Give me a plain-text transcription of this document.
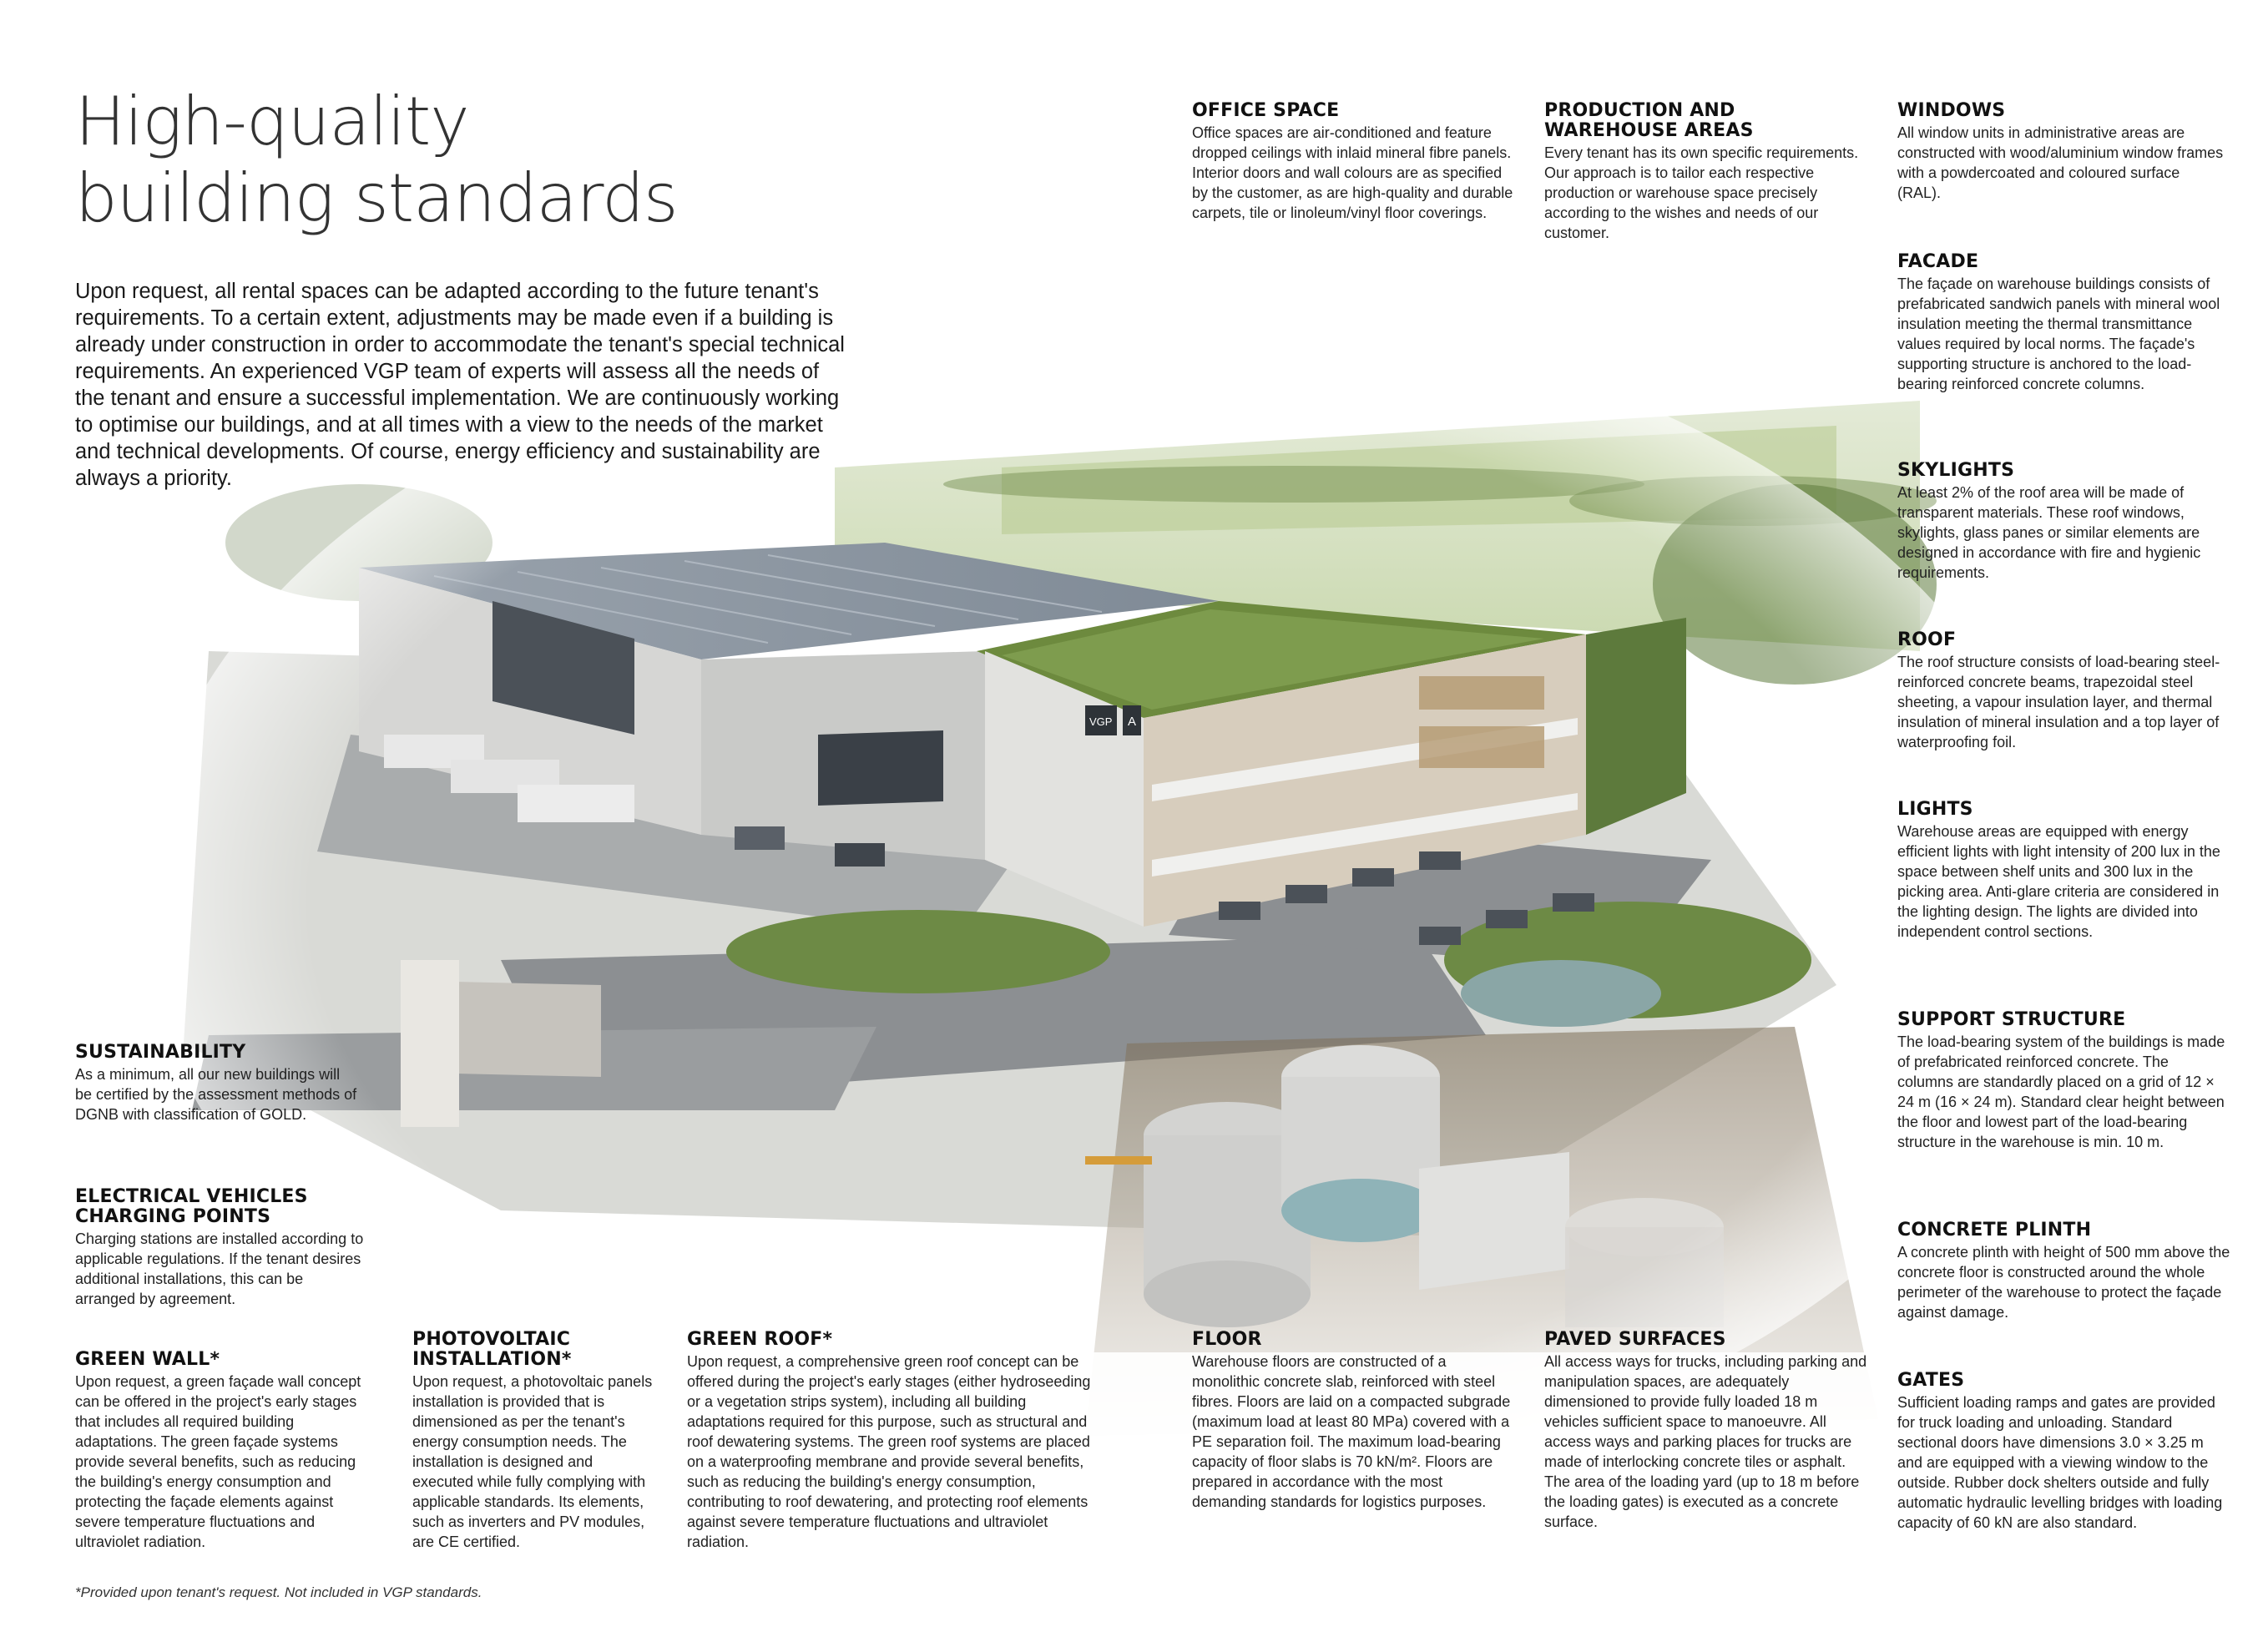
High-quality
building standards

Upon request, all rental spaces can be adapted according to the future tenant's requirements. To a certain extent, adjustments may be made even if a building is already under construction in order to accommodate the tenant's special technical requirements. An experienced VGP team of experts will assess all the needs of the tenant and ensure a successful implementation. We are continuously working to optimise our buildings, and at all times with a view to the needs of the market and technical developments. Of course, energy efficiency and sustainability are always a priority.

OFFICE SPACE

Office spaces are air-conditioned and feature dropped ceilings with inlaid mineral fibre panels. Interior doors and wall colours are as specified by the customer, as are high-quality and durable carpets, tile or linoleum/vinyl floor coverings.

PRODUCTION AND WAREHOUSE AREAS

Every tenant has its own specific requirements. Our approach is to tailor each respective production or warehouse space precisely according to the wishes and needs of our customer.

WINDOWS

All window units in administrative areas are constructed with wood/aluminium window frames with a powdercoated and coloured surface (RAL).

FACADE

The façade on warehouse buildings consists of prefabricated sandwich panels with mineral wool insulation meeting the thermal transmittance values required by local norms. The façade's supporting structure is anchored to the load-bearing reinforced concrete columns.

SKYLIGHTS

At least 2% of the roof area will be made of transparent materials. These roof windows, skylights, glass panes or similar elements are designed in accordance with fire and hygienic requirements.

ROOF

The roof structure consists of load-bearing steel-reinforced concrete beams, trapezoidal steel sheeting, a vapour insulation layer, and thermal insulation of mineral insulation and a top layer of waterproofing foil.

LIGHTS

Warehouse areas are equipped with energy efficient lights with light intensity of 200 lux in the space between shelf units and 300 lux in the picking area. Anti-glare criteria are considered in the lighting design. The lights are divided into independent control sections.

SUPPORT STRUCTURE

The load-bearing system of the buildings is made of prefabricated reinforced concrete. The columns are standardly placed on a grid of 12 × 24 m (16 × 24 m). Standard clear height between the floor and lowest part of the load-bearing structure in the warehouse is min. 10 m.

CONCRETE PLINTH

A concrete plinth with height of 500 mm above the concrete floor is constructed around the whole perimeter of the warehouse to protect the façade against damage.

GATES

Sufficient loading ramps and gates are provided for truck loading and unloading. Standard sectional doors have dimensions 3.0 × 3.25 m and are equipped with a viewing window to the outside. Rubber dock shelters outside and fully automatic hydraulic levelling bridges with loading capacity of 60 kN are also standard.

SUSTAINABILITY

As a minimum, all our new buildings will be certified by the assessment methods of DGNB with classification of GOLD.

ELECTRICAL VEHICLES CHARGING POINTS

Charging stations are installed according to applicable regulations. If the tenant desires additional installations, this can be arranged by agreement.

GREEN WALL*

Upon request, a green façade wall concept can be offered in the project's early stages that includes all required building adaptations. The green façade systems provide several benefits, such as reducing the building's energy consumption and protecting the façade elements against severe temperature fluctuations and ultraviolet radiation.

PHOTOVOLTAIC INSTALLATION*

Upon request, a photovoltaic panels installation is provided that is dimensioned as per the tenant's energy consumption needs. The installation is designed and executed while fully complying with applicable standards. Its elements, such as inverters and PV modules, are CE certified.

GREEN ROOF*

Upon request, a comprehensive green roof concept can be offered during the project's early stages (either hydroseeding or a vegetation strips system), including all building adaptations required for this purpose, such as structural and roof dewatering systems. The green roof systems are placed on a waterproofing membrane and provide several benefits, such as reducing the building's energy consumption, contributing to roof dewatering, and protecting roof elements against severe temperature fluctuations and ultraviolet radiation.

FLOOR

Warehouse floors are constructed of a monolithic concrete slab, reinforced with steel fibres. Floors are laid on a compacted subgrade (maximum load at least 80 MPa) covered with a PE separation foil. The maximum load-bearing capacity of floor slabs is 70 kN/m². Floors are prepared in accordance with the most demanding standards for logistics purposes.

PAVED SURFACES

All access ways for trucks, including parking and manipulation spaces, are adequately dimensioned to provide fully loaded 18 m vehicles sufficient space to manoeuvre. All access ways and parking places for trucks are made of interlocking concrete tiles or asphalt. The area of the loading yard (up to 18 m before the loading gates) is executed as a concrete surface.

*Provided upon tenant's request. Not included in VGP standards.
